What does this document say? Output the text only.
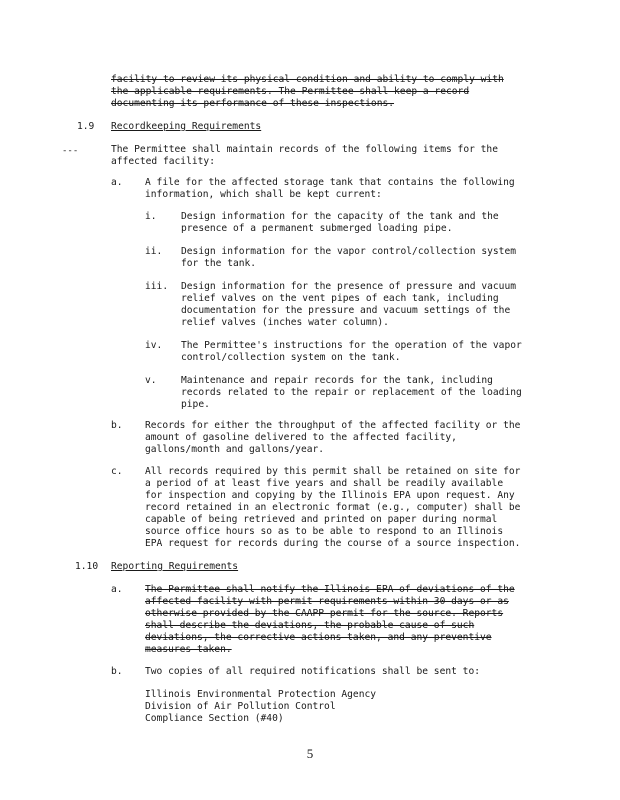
facility to review its physical condition and ability to comply with
the applicable requirements. The Permittee shall keep a record
documenting its performance of these inspections.
1.9 Recordkeeping Requirements
---	The Permittee shall maintain records of the following items for the
affected facility:
a. A file for the affected storage tank that contains the following
information, which shall be kept current:
i.	Design information for the capacity of the tank and the
presence of a permanent submerged loading pipe.
ii. Design information for the vapor control/collection system
for the tank.
iii. Design information for the presence of pressure and vacuum
relief valves on the vent pipes of each tank, including
documentation for the pressure and vacuum settings of the
relief valves (inches water column).
iv. The Permittee's instructions for the operation of the vapor
control/collection system on the tank.
v.	Maintenance and repair records for the tank, including
records related to the repair or replacement of the loading
pipe.
b. Records for either the throughput of the affected facility or the
amount of gasoline delivered to the affected facility,
gallons/month and gallons/year.
c. All records required by this permit shall be retained on site for
a period of at least five years and shall be readily available
for inspection and copying by the Illinois EPA upon request. Any
record retained in an electronic format (e.g., computer) shall be
capable of being retrieved and printed on paper during normal
source office hours so as to be able to respond to an Illinois
EPA request for records during the course of a source inspection.
1.10 Reporting Requirements
a. The Permittee shall notify the Illinois EPA of deviations of the
affected facility with permit requirements within 30 days or as
otherwise provided by the CAAPP permit for the source. Reports
shall describe the deviations, the probable cause of such
deviations, the corrective actions taken, and any preventive
measures taken.
b. Two copies of all required notifications shall be sent to:
Illinois Environmental Protection Agency
Division of Air Pollution Control
Compliance Section (#40)
5
